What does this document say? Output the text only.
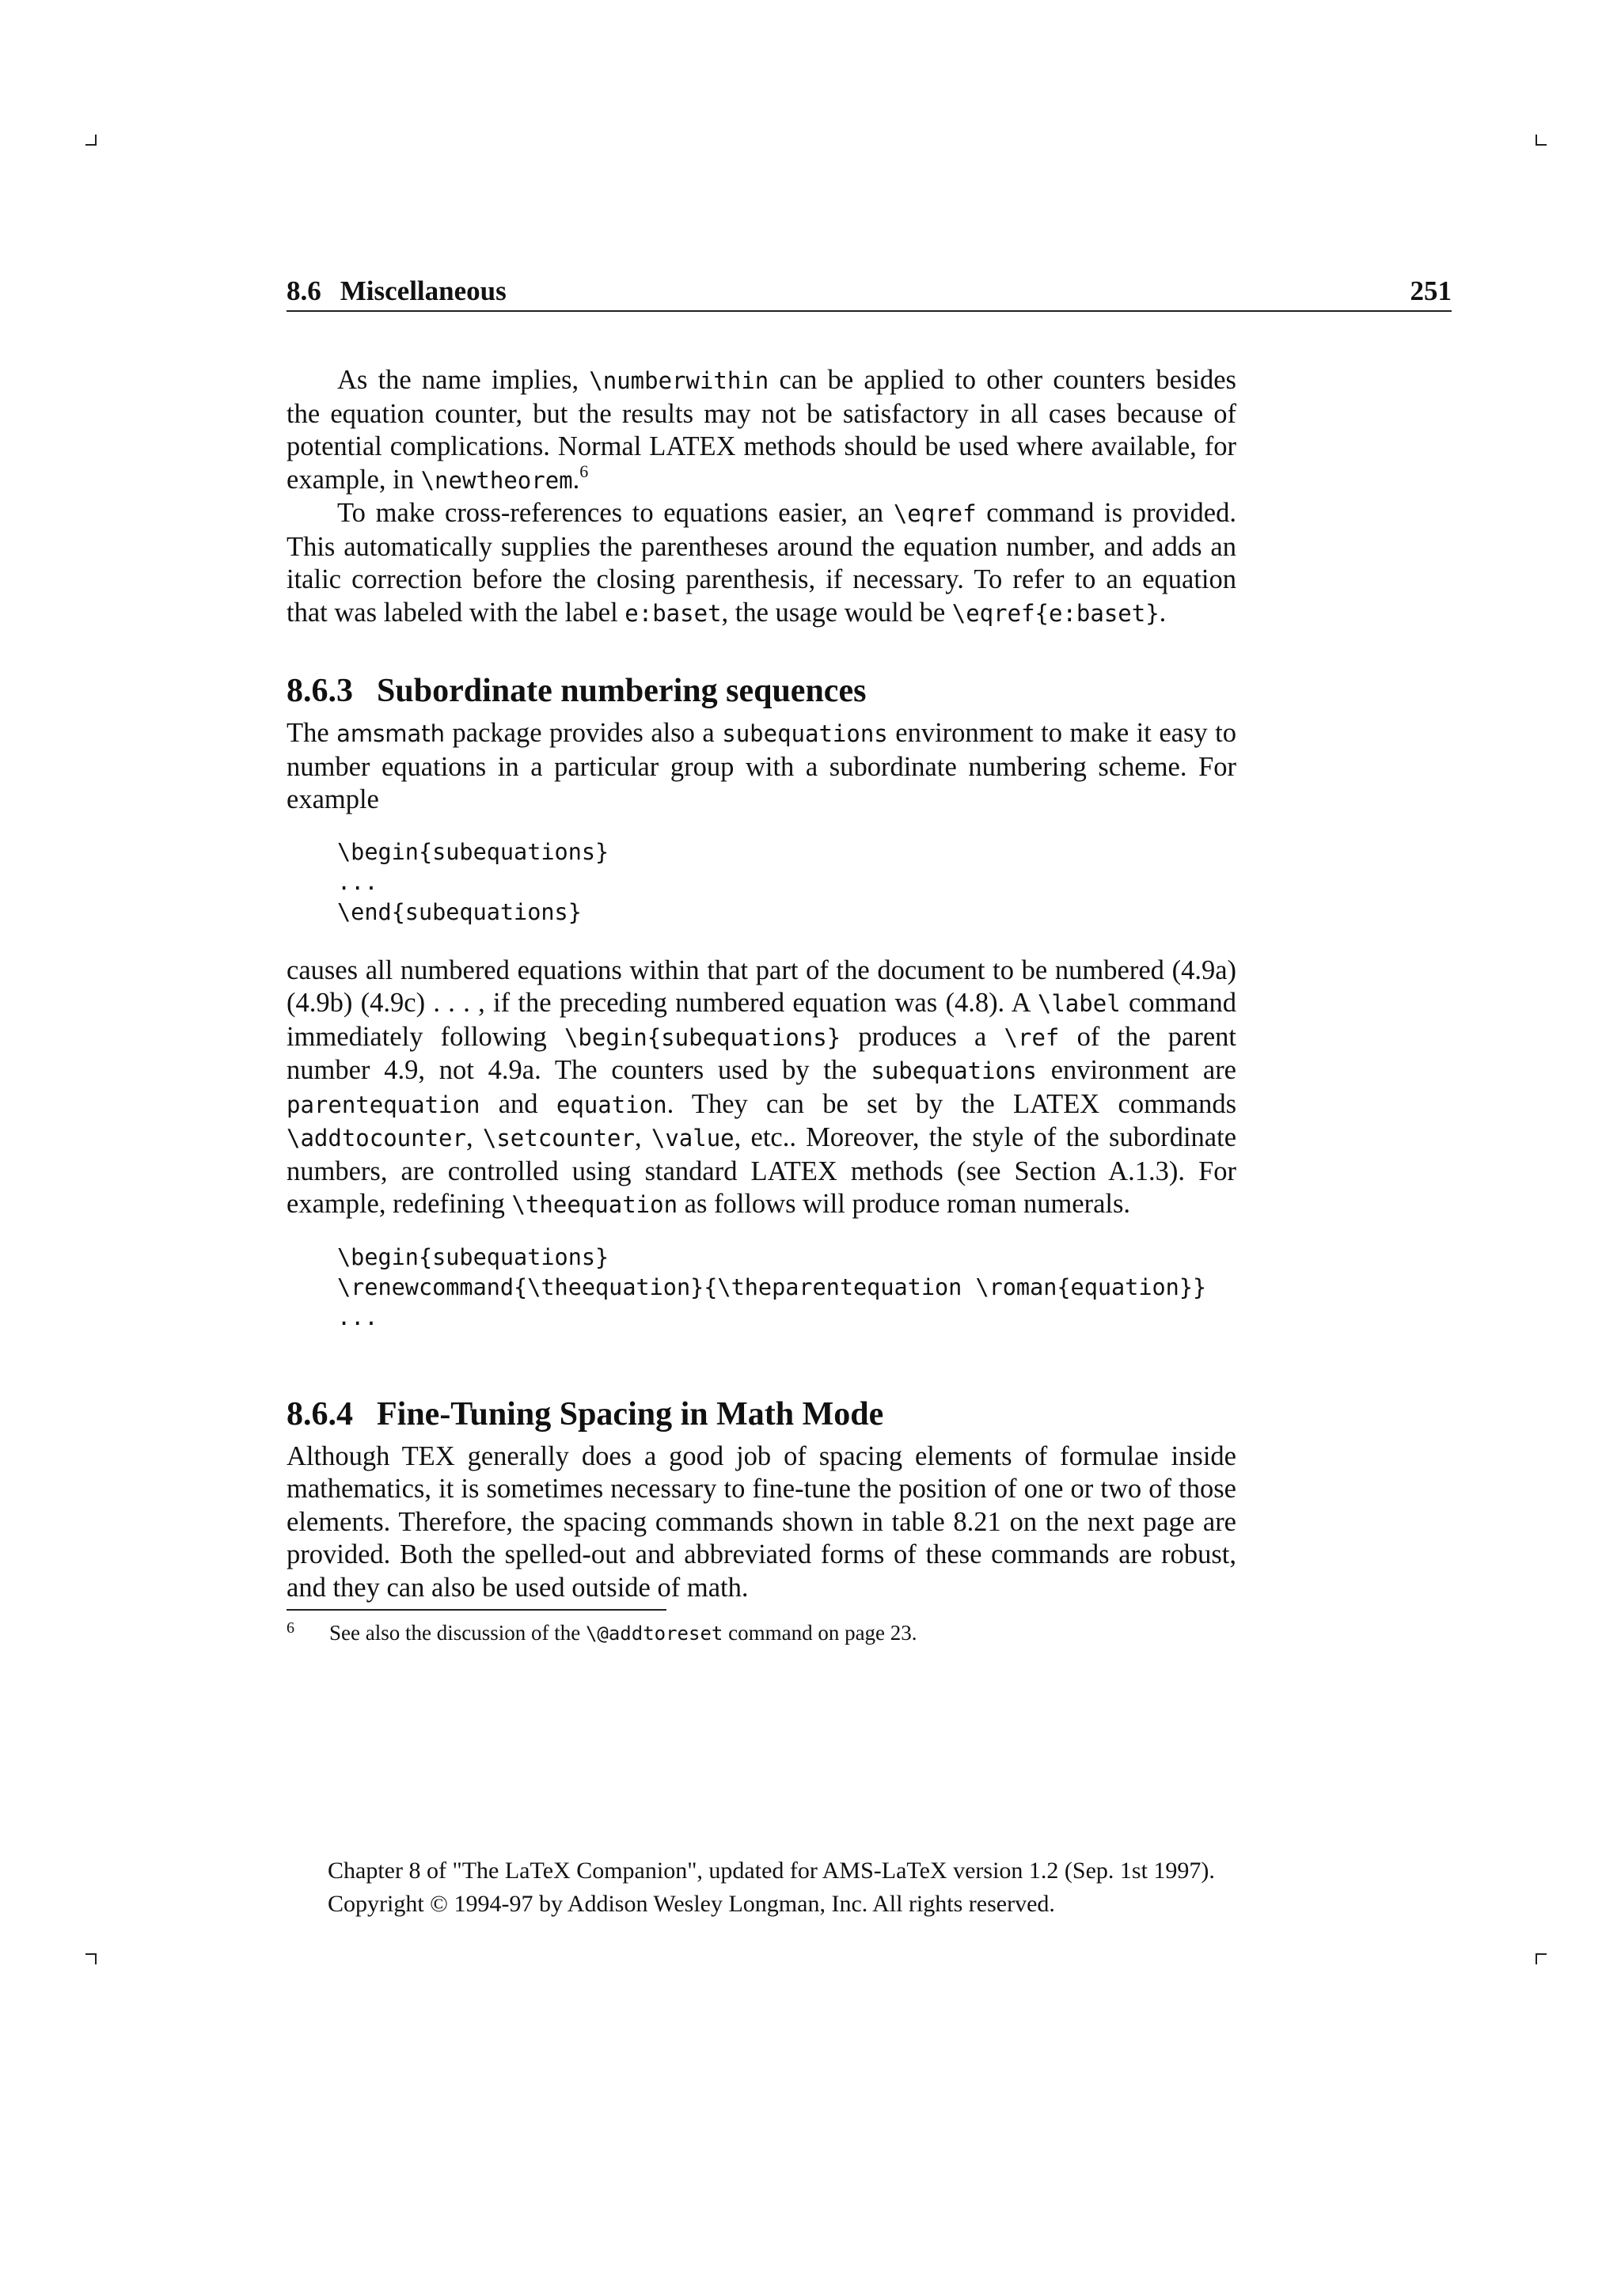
8.6 Miscellaneous	251

As the name implies, \numberwithin can be applied to other counters besides the equation counter, but the results may not be satisfactory in all cases because of potential complications. Normal LATEX methods should be used where available, for example, in \newtheorem.$^6$

To make cross-references to equations easier, an \eqref command is provided. This automatically supplies the parentheses around the equation number, and adds an italic correction before the closing parenthesis, if necessary. To refer to an equation that was labeled with the label e:baset, the usage would be \eqref{e:baset}.

8.6.3 Subordinate numbering sequences

The amsmath package provides also a subequations environment to make it easy to number equations in a particular group with a subordinate numbering scheme. For example

\begin{subequations}
...
\end{subequations}

causes all numbered equations within that part of the document to be numbered (4.9a) (4.9b) (4.9c) . . . , if the preceding numbered equation was (4.8). A \label command immediately following \begin{subequations} produces a \ref of the parent number 4.9, not 4.9a. The counters used by the subequations environment are parentequation and equation. They can be set by the LATEX commands \addtocounter, \setcounter, \value, etc.. Moreover, the style of the subordinate numbers, are controlled using standard LATEX methods (see Section A.1.3). For example, redefining \theequation as follows will produce roman numerals.

\begin{subequations}
\renewcommand{\theequation}{\theparentequation \roman{equation}}
...
8.6.4 Fine-Tuning Spacing in Math Mode

Although TEX generally does a good job of spacing elements of formulae inside mathematics, it is sometimes necessary to fine-tune the position of one or two of those elements. Therefore, the spacing commands shown in table 8.21 on the next page are provided. Both the spelled-out and abbreviated forms of these commands are robust, and they can also be used outside of math.

6 See also the discussion of the \@addtoreset command on page 23.
Chapter 8 of "The LaTeX Companion", updated for AMS-LaTeX version 1.2 (Sep. 1st 1997).
Copyright © 1994-97 by Addison Wesley Longman, Inc. All rights reserved.
